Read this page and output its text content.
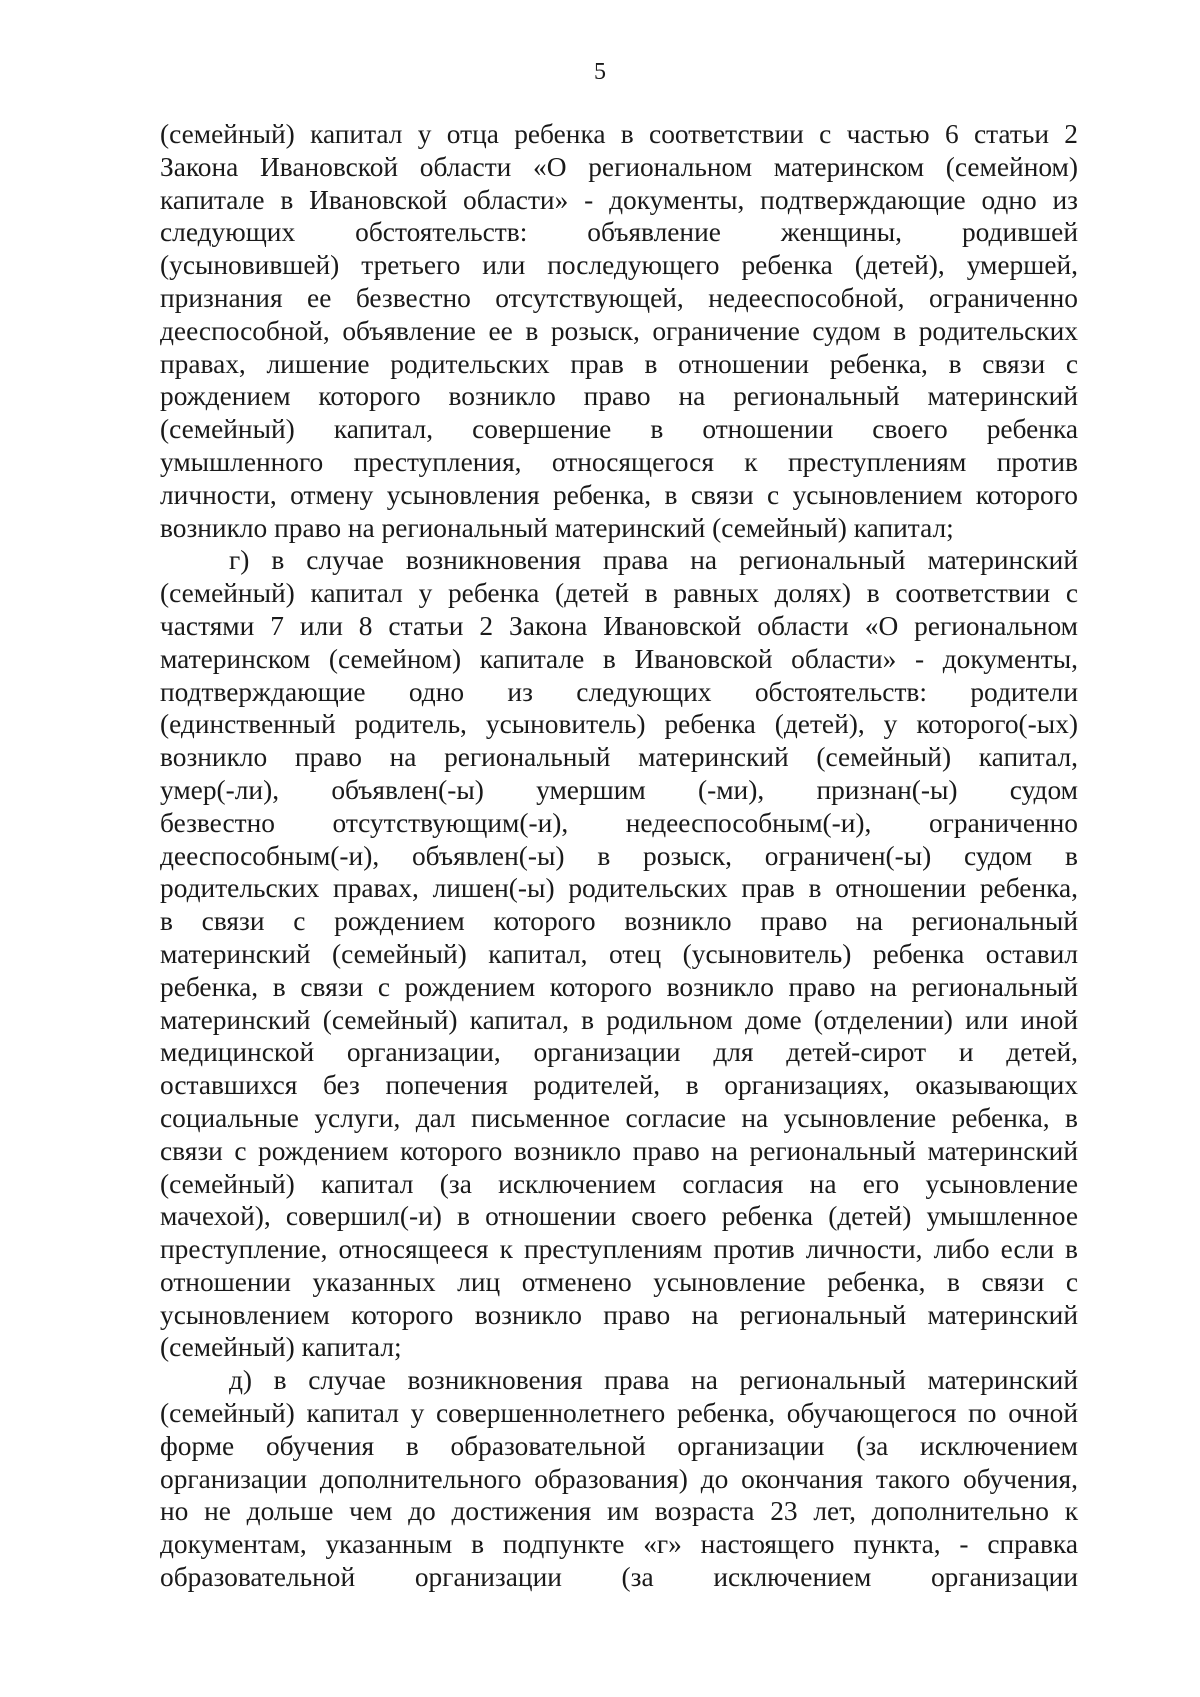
5
(семейный) капитал у отца ребенка в соответствии с частью 6 статьи 2
Закона Ивановской области «О региональном материнском (семейном)
капитале в Ивановской области» - документы, подтверждающие одно из
следующих обстоятельств: объявление женщины, родившей
(усыновившей) третьего или последующего ребенка (детей), умершей,
признания ее безвестно отсутствующей, недееспособной, ограниченно
дееспособной, объявление ее в розыск, ограничение судом в родительских
правах, лишение родительских прав в отношении ребенка, в связи с
рождением которого возникло право на региональный материнский
(семейный) капитал, совершение в отношении своего ребенка
умышленного преступления, относящегося к преступлениям против
личности, отмену усыновления ребенка, в связи с усыновлением которого
возникло право на региональный материнский (семейный) капитал;
г) в случае возникновения права на региональный материнский
(семейный) капитал у ребенка (детей в равных долях) в соответствии с
частями 7 или 8 статьи 2 Закона Ивановской области «О региональном
материнском (семейном) капитале в Ивановской области» - документы,
подтверждающие одно из следующих обстоятельств: родители
(единственный родитель, усыновитель) ребенка (детей), у которого(-ых)
возникло право на региональный материнский (семейный) капитал,
умер(-ли), объявлен(-ы) умершим (-ми), признан(-ы) судом
безвестно отсутствующим(-и), недееспособным(-и), ограниченно
дееспособным(-и), объявлен(-ы) в розыск, ограничен(-ы) судом в
родительских правах, лишен(-ы) родительских прав в отношении ребенка,
в связи с рождением которого возникло право на региональный
материнский (семейный) капитал, отец (усыновитель) ребенка оставил
ребенка, в связи с рождением которого возникло право на региональный
материнский (семейный) капитал, в родильном доме (отделении) или иной
медицинской организации, организации для детей-сирот и детей,
оставшихся без попечения родителей, в организациях, оказывающих
социальные услуги, дал письменное согласие на усыновление ребенка, в
связи с рождением которого возникло право на региональный материнский
(семейный) капитал (за исключением согласия на его усыновление
мачехой), совершил(-и) в отношении своего ребенка (детей) умышленное
преступление, относящееся к преступлениям против личности, либо если в
отношении указанных лиц отменено усыновление ребенка, в связи с
усыновлением которого возникло право на региональный материнский
(семейный) капитал;
д) в случае возникновения права на региональный материнский
(семейный) капитал у совершеннолетнего ребенка, обучающегося по очной
форме обучения в образовательной организации (за исключением
организации дополнительного образования) до окончания такого обучения,
но не дольше чем до достижения им возраста 23 лет, дополнительно к
документам, указанным в подпункте «г» настоящего пункта, - справка
образовательной организации (за исключением организации
